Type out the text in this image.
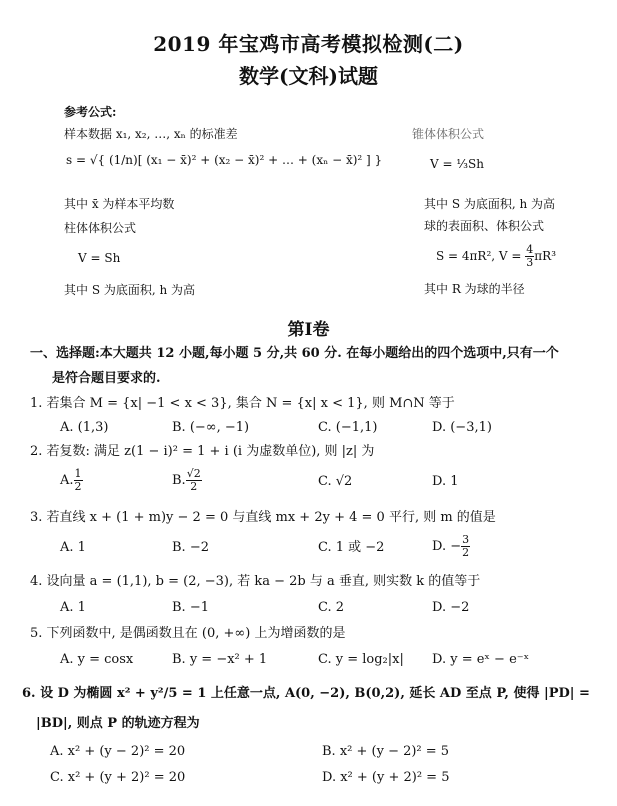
2019 年宝鸡市高考模拟检测(二)
数学(文科)试题
参考公式:
样本数据 x₁, x₂, …, xₙ 的标准差
s = √{ (1/n)[ (x₁ − x̄)² + (x₂ − x̄)² + … + (xₙ − x̄)² ] }
其中 x̄ 为样本平均数
柱体体积公式
V = Sh
其中 S 为底面积, h 为高
锥体体积公式
V = ⅓Sh
其中 S 为底面积, h 为高
球的表面积、体积公式
S = 4πR², $V = \frac{4}{3} \pi R^3$
其中 R 为球的半径
第Ⅰ卷
一、选择题:本大题共 12 小题,每小题 5 分,共 60 分. 在每小题给出的四个选项中,只有一个
是符合题目要求的.
1. 若集合 M = {x| −1 < x < 3}, 集合 N = {x| x < 1}, 则 M∩N 等于
A. (1,3)	B. (−∞, −1)	C. (−1,1)	D. (−3,1)
2. 若复数: 满足 z(1 − i)² = 1 + i (i 为虚数单位), 则 |z| 为
A. $\frac{1}{2}$	B. $\frac{√2}{2}$	C. √2	D. 1
3. 若直线 x + (1 + m)y − 2 = 0 与直线 mx + 2y + 4 = 0 平行, 则 m 的值是
A. 1	B. −2	C. 1 或 −2	D. − $\frac{3}{2}$
4. 设向量 a = (1,1), b = (2, −3), 若 ka − 2b 与 a 垂直, 则实数 k 的值等于
A. 1	B. −1	C. 2	D. −2
5. 下列函数中, 是偶函数且在 (0, +∞) 上为增函数的是
A. y = cosx	B. y = −x² + 1	C. y = log₂|x| D. y = eˣ − e⁻ˣ
6. 设 D 为椭圆 x² + y²/5 = 1 上任意一点, A(0, −2), B(0,2), 延长 AD 至点 P, 使得 |PD| =
|BD|, 则点 P 的轨迹方程为
A. x² + (y − 2)² = 20	B. x² + (y − 2)² = 5
C. x² + (y + 2)² = 20	D. x² + (y + 2)² = 5
